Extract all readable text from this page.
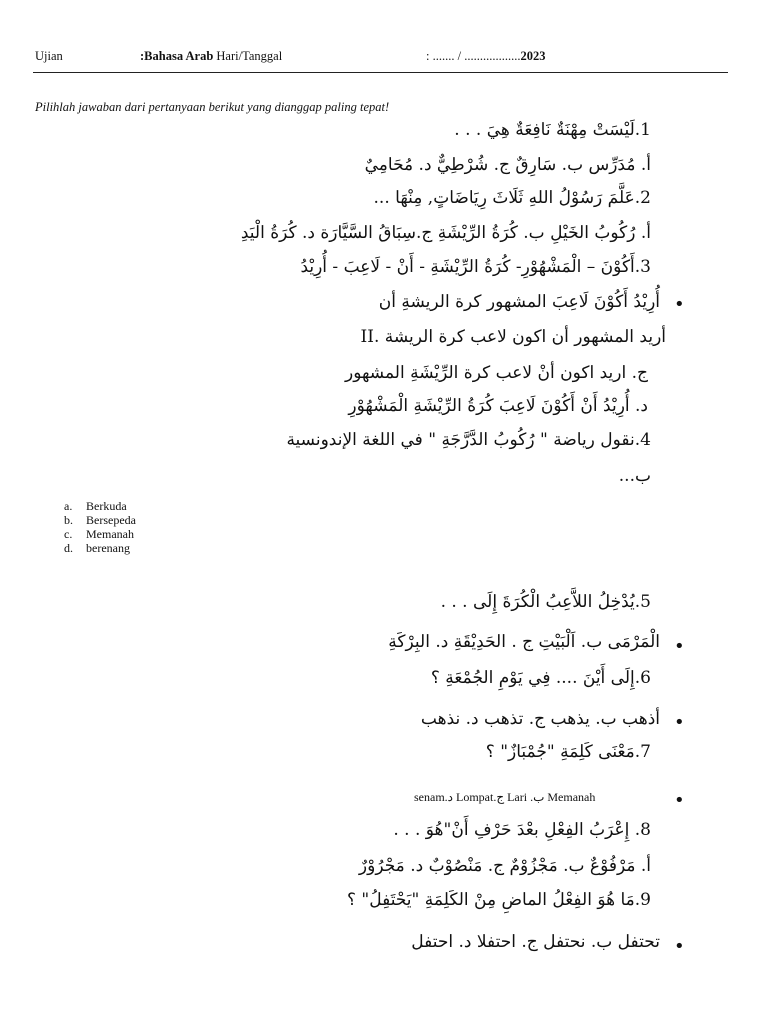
Ujian	:Bahasa Arab Hari/Tanggal	: ....... / ..................2023
Pilihlah jawaban dari pertanyaan berikut yang dianggap paling tepat!
1.لَيْسَتْ مِهْنَةٌ نَافِعَةٌ هِيَ . . .
أ. مُدَرِّس ب. سَارِقٌ ج. شُرْطِيٌّ د. مُحَامِيٌ
2.عَلَّمَ رَسُوْلُ اللهِ ثَلَاثَ رِيَاضَاتٍ, مِنْهَا ...
أ. رُكُوبُ الخَيْلِ ب. كُرَةُ الرِّيْشَةِ ج.سِبَاقُ السَّيَّارَة د. كُرَةُ الْيَدِ
3.أَكُوْنَ – الْمَشْهُوْرِ- كُرَةُ الرِّيْشَةِ - أَنْ - لَاعِبَ - أُرِيْدُ
•
أُرِيْدُ أَكُوْنَ لَاعِبَ المشهور كرة الريشةِ أن
II. أريد المشهور أن اكون لاعب كرة الريشة
ج. اريد اكون أنْ لاعب كرة الرِّيْشَةِ المشهور
د. أُرِيْدُ أَنْ أَكُوْنَ لَاعِبَ كُرَةُ الرِّيْشَةِ الْمَشْهُوْرِ
4.نقول رياضة " رُكُوبُ الدَّرَّجَةِ " في اللغة الإندونسية
ب...
a.	Berkuda
b.	Bersepeda
c.	Memanah
d.	berenang
5.يُدْخِلُ اللاَّعِبُ الْكُرَةَ إِلَى . . .
•
الْمَرْمَى ب. اَلْبَيْتِ ج . الحَدِيْقَةِ د. البِرْكَةِ
6.إِلَى أَيْنَ .... فِي يَوْمِ الجُمْعَةِ ؟
•
أذهب ب. يذهب ج. تذهب د. نذهب
7.مَعْنَى كَلِمَةِ "جُمْبَازٌ" ؟
•
senam.د Lompat.ج Lari .ب Memanah
8. إِعْرَبُ الفِعْلِ بعْدَ حَرْفِ أَنْ"هُوَ . . .
أ. مَرْفُوْعٌ ب. مَجْزُوْمٌ ج. مَنْصُوْبٌ د. مَجْرُوْرٌ
9.مَا هُوَ الفِعْلُ الماضِ مِنْ الكَلِمَةِ "يَحْتَفِلُ" ؟
•
تحتفل ب. نحتفل ج. احتفلا د. احتفل
